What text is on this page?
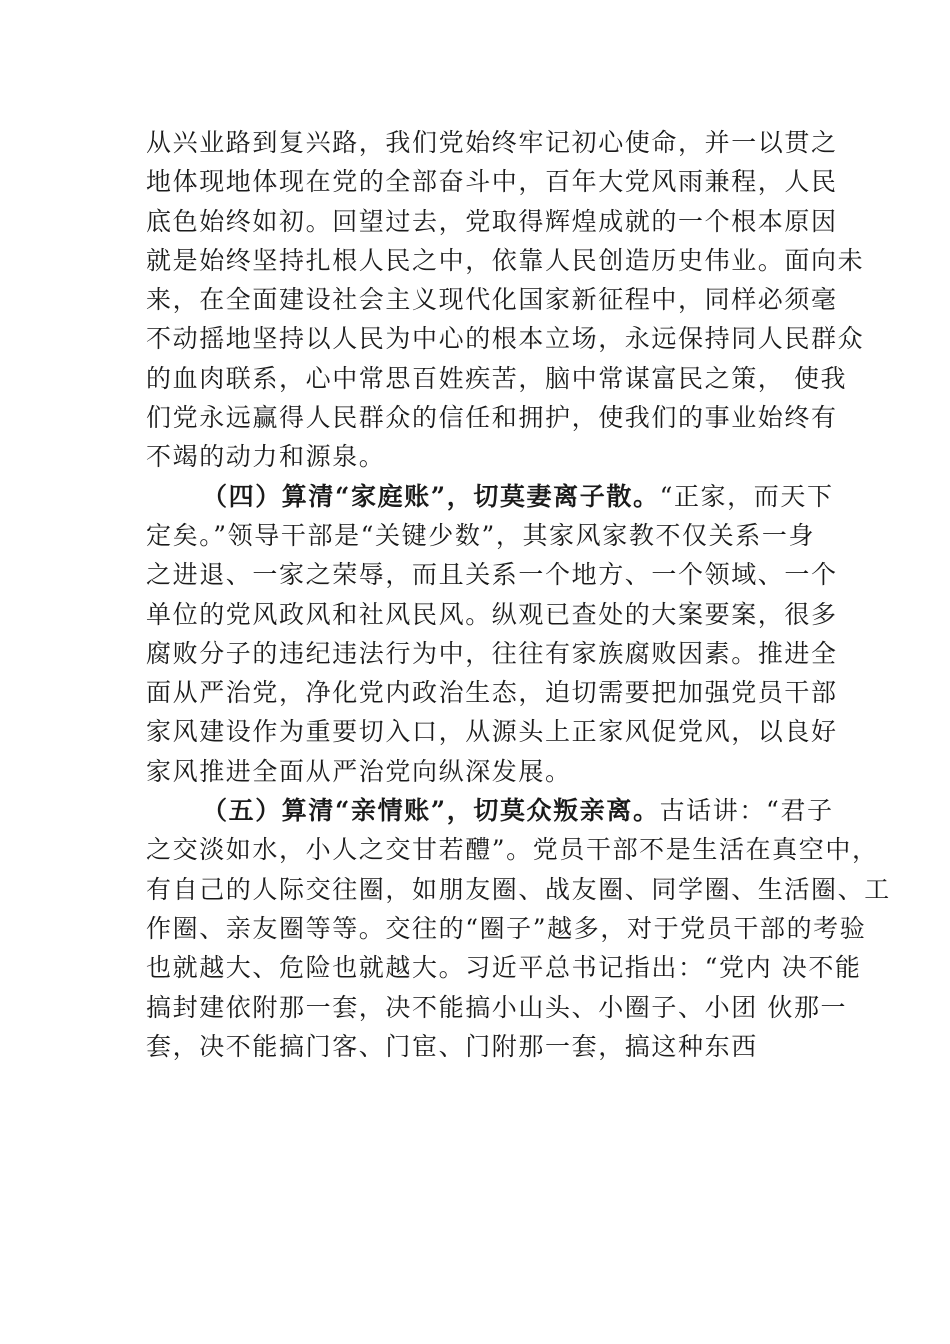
从兴业路到复兴路，我们党始终牢记初心使命，并一以贯之
地体现地体现在党的全部奋斗中，百年大党风雨兼程，人民
底色始终如初。回望过去，党取得辉煌成就的一个根本原因
就是始终坚持扎根人民之中，依靠人民创造历史伟业。面向未
来，在全面建设社会主义现代化国家新征程中，同样必须毫
不动摇地坚持以人民为中心的根本立场，永远保持同人民群众
的血肉联系，心中常思百姓疾苦，脑中常谋富民之策， 使我
们党永远赢得人民群众的信任和拥护，使我们的事业始终有
不竭的动力和源泉。
（四）算清“家庭账”，切莫妻离子散。“正家，而天下
定矣。”领导干部是“关键少数”，其家风家教不仅关系一身
之进退、一家之荣辱，而且关系一个地方、一个领域、一个
单位的党风政风和社风民风。纵观已查处的大案要案，很多
腐败分子的违纪违法行为中，往往有家族腐败因素。推进全
面从严治党，净化党内政治生态，迫切需要把加强党员干部
家风建设作为重要切入口，从源头上正家风促党风，以良好
家风推进全面从严治党向纵深发展。
（五）算清“亲情账”，切莫众叛亲离。古话讲：“君子
之交淡如水，小人之交甘若醴”。党员干部不是生活在真空中，
有自己的人际交往圈，如朋友圈、战友圈、同学圈、生活圈、工
作圈、亲友圈等等。交往的“圈子”越多，对于党员干部的考验
也就越大、危险也就越大。习近平总书记指出：“党内 决不能
搞封建依附那一套，决不能搞小山头、小圈子、小团 伙那一
套，决不能搞门客、门宦、门附那一套，搞这种东西
